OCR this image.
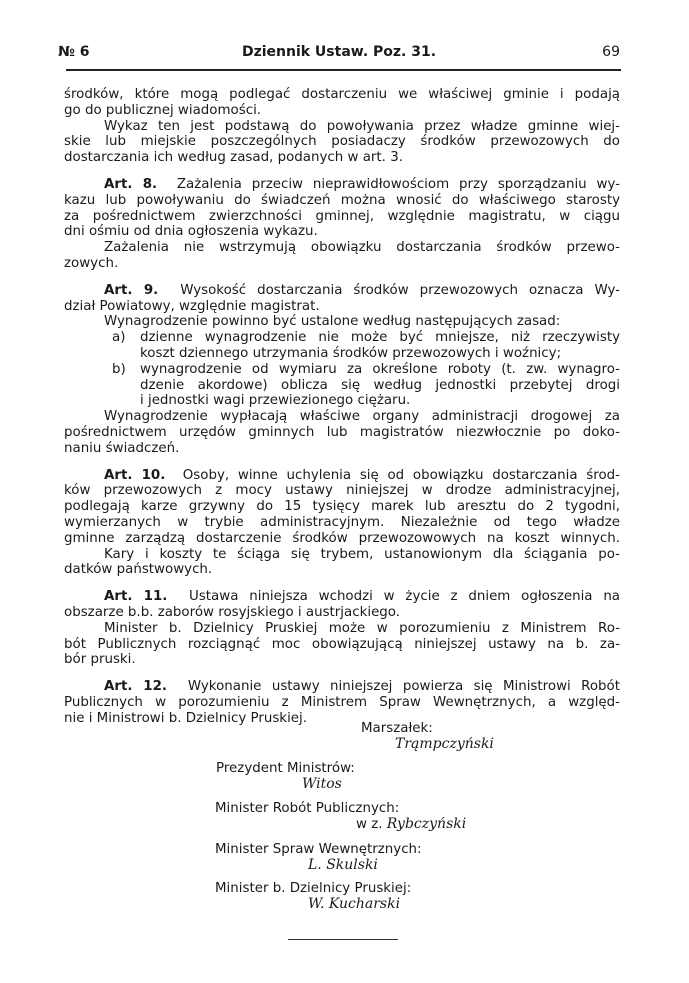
№ 6	Dziennik Ustaw. Poz. 31.	69
środków, które mogą podlegać dostarczeniu we właściwej gminie i podają
go do publicznej wiadomości.
Wykaz ten jest podstawą do powoływania przez władze gminne wiej-
skie lub miejskie poszczególnych posiadaczy środków przewozowych do
dostarczania ich według zasad, podanych w art. 3.
Art. 8. Zażalenia przeciw nieprawidłowościom przy sporządzaniu wy-
kazu lub powoływaniu do świadczeń można wnosić do właściwego starosty
za pośrednictwem zwierzchności gminnej, względnie magistratu, w ciągu
dni ośmiu od dnia ogłoszenia wykazu.
Zażalenia nie wstrzymują obowiązku dostarczania środków przewo-
zowych.
Art. 9. Wysokość dostarczania środków przewozowych oznacza Wy-
dział Powiatowy, względnie magistrat.
Wynagrodzenie powinno być ustalone według następujących zasad:
a) dzienne wynagrodzenie nie może być mniejsze, niż rzeczywisty
koszt dziennego utrzymania środków przewozowych i woźnicy;
b) wynagrodzenie od wymiaru za określone roboty (t. zw. wynagro-
dzenie akordowe) oblicza się według jednostki przebytej drogi
i jednostki wagi przewiezionego ciężaru.
Wynagrodzenie wypłacają właściwe organy administracji drogowej za
pośrednictwem urzędów gminnych lub magistratów niezwłocznie po doko-
naniu świadczeń.
Art. 10. Osoby, winne uchylenia się od obowiązku dostarczania środ-
ków przewozowych z mocy ustawy niniejszej w drodze administracyjnej,
podlegają karze grzywny do 15 tysięcy marek lub aresztu do 2 tygodni,
wymierzanych w trybie administracyjnym. Niezależnie od tego władze
gminne zarządzą dostarczenie środków przewozowowych na koszt winnych.
Kary i koszty te ściąga się trybem, ustanowionym dla ściągania po-
datków państwowych.
Art. 11. Ustawa niniejsza wchodzi w życie z dniem ogłoszenia na
obszarze b.b. zaborów rosyjskiego i austrjackiego.
Minister b. Dzielnicy Pruskiej może w porozumieniu z Ministrem Ro-
bót Publicznych rozciągnąć moc obowiązującą niniejszej ustawy na b. za-
bór pruski.
Art. 12. Wykonanie ustawy niniejszej powierza się Ministrowi Robót
Publicznych w porozumieniu z Ministrem Spraw Wewnętrznych, a względ-
nie i Ministrowi b. Dzielnicy Pruskiej.
Marszałek:
Trąmpczyński
Prezydent Ministrów:
Witos
Minister Robót Publicznych:
w z. Rybczyński
Minister Spraw Wewnętrznych:
L. Skulski
Minister b. Dzielnicy Pruskiej:
W. Kucharski
